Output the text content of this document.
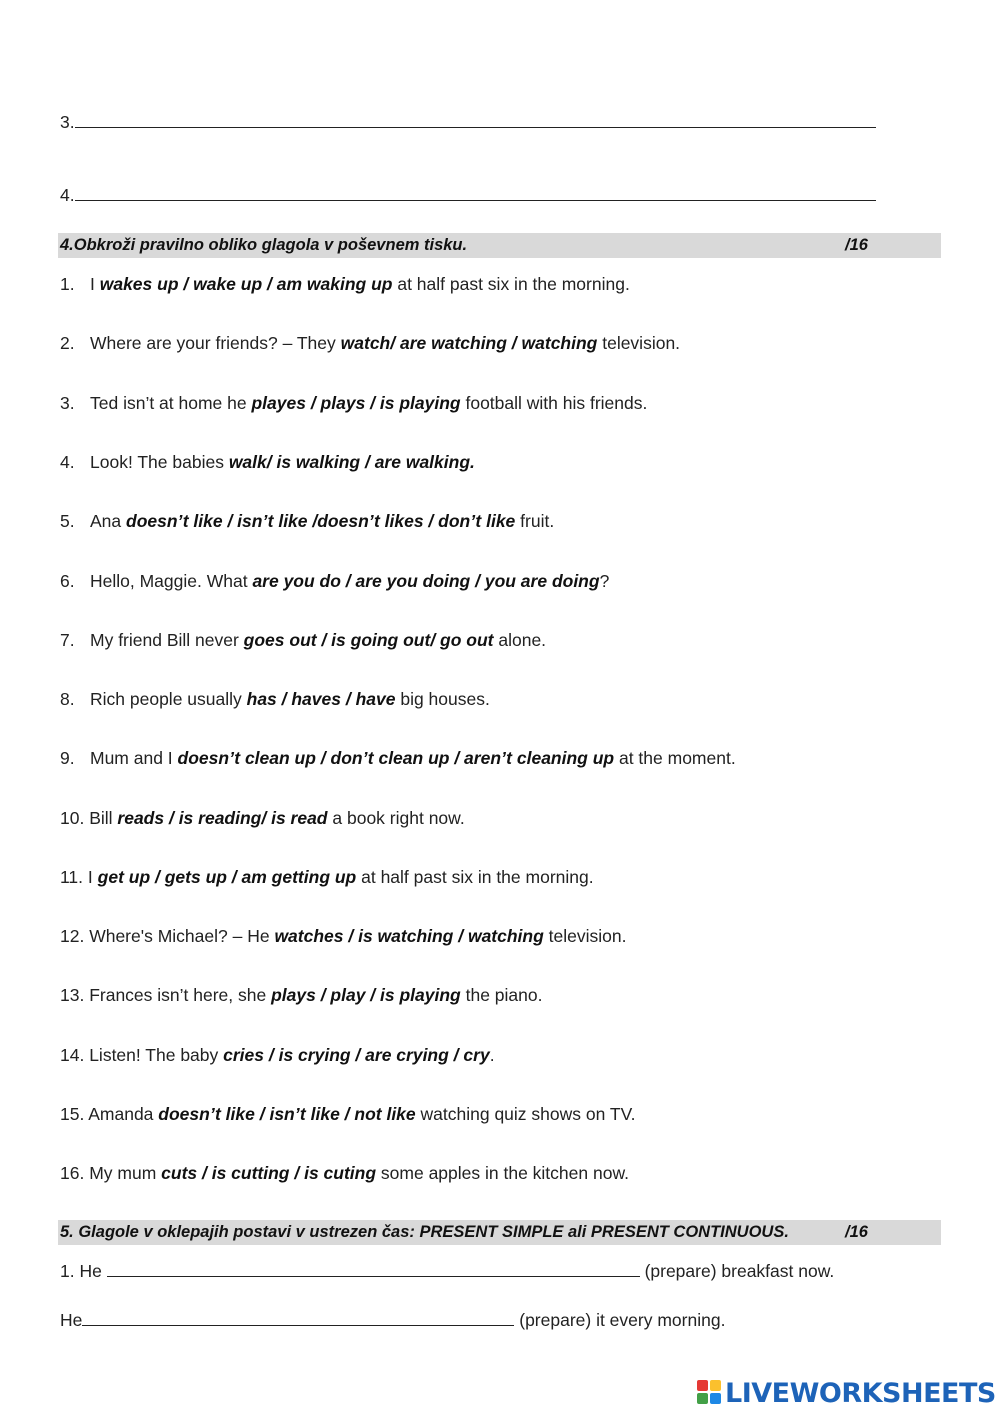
3.
4.
4.Obkroži pravilno obliko glagola v poševnem tisku.	/16
1. I wakes up / wake up / am waking up at half past six in the morning.
2. Where are your friends? – They watch/ are watching / watching television.
3. Ted isn’t at home he playes / plays / is playing football with his friends.
4. Look! The babies walk/ is walking / are walking.
5. Ana doesn’t like / isn’t like /doesn’t likes / don’t like fruit.
6. Hello, Maggie. What are you do / are you doing / you are doing?
7. My friend Bill never goes out / is going out/ go out alone.
8. Rich people usually has / haves / have big houses.
9. Mum and I doesn’t clean up / don’t clean up / aren’t cleaning up at the moment.
10. Bill reads / is reading/ is read a book right now.
11. I get up / gets up / am getting up at half past six in the morning.
12. Where's Michael? – He watches / is watching / watching television.
13. Frances isn’t here, she plays / play / is playing the piano.
14. Listen! The baby cries / is crying / are crying / cry.
15. Amanda doesn’t like / isn’t like / not like watching quiz shows on TV.
16. My mum cuts / is cutting / is cuting some apples in the kitchen now.
5. Glagole v oklepajih postavi v ustrezen čas: PRESENT SIMPLE ali PRESENT CONTINUOUS.	/16
1. He	(prepare) breakfast now.
He	(prepare) it every morning.
LIVEWORKSHEETS
